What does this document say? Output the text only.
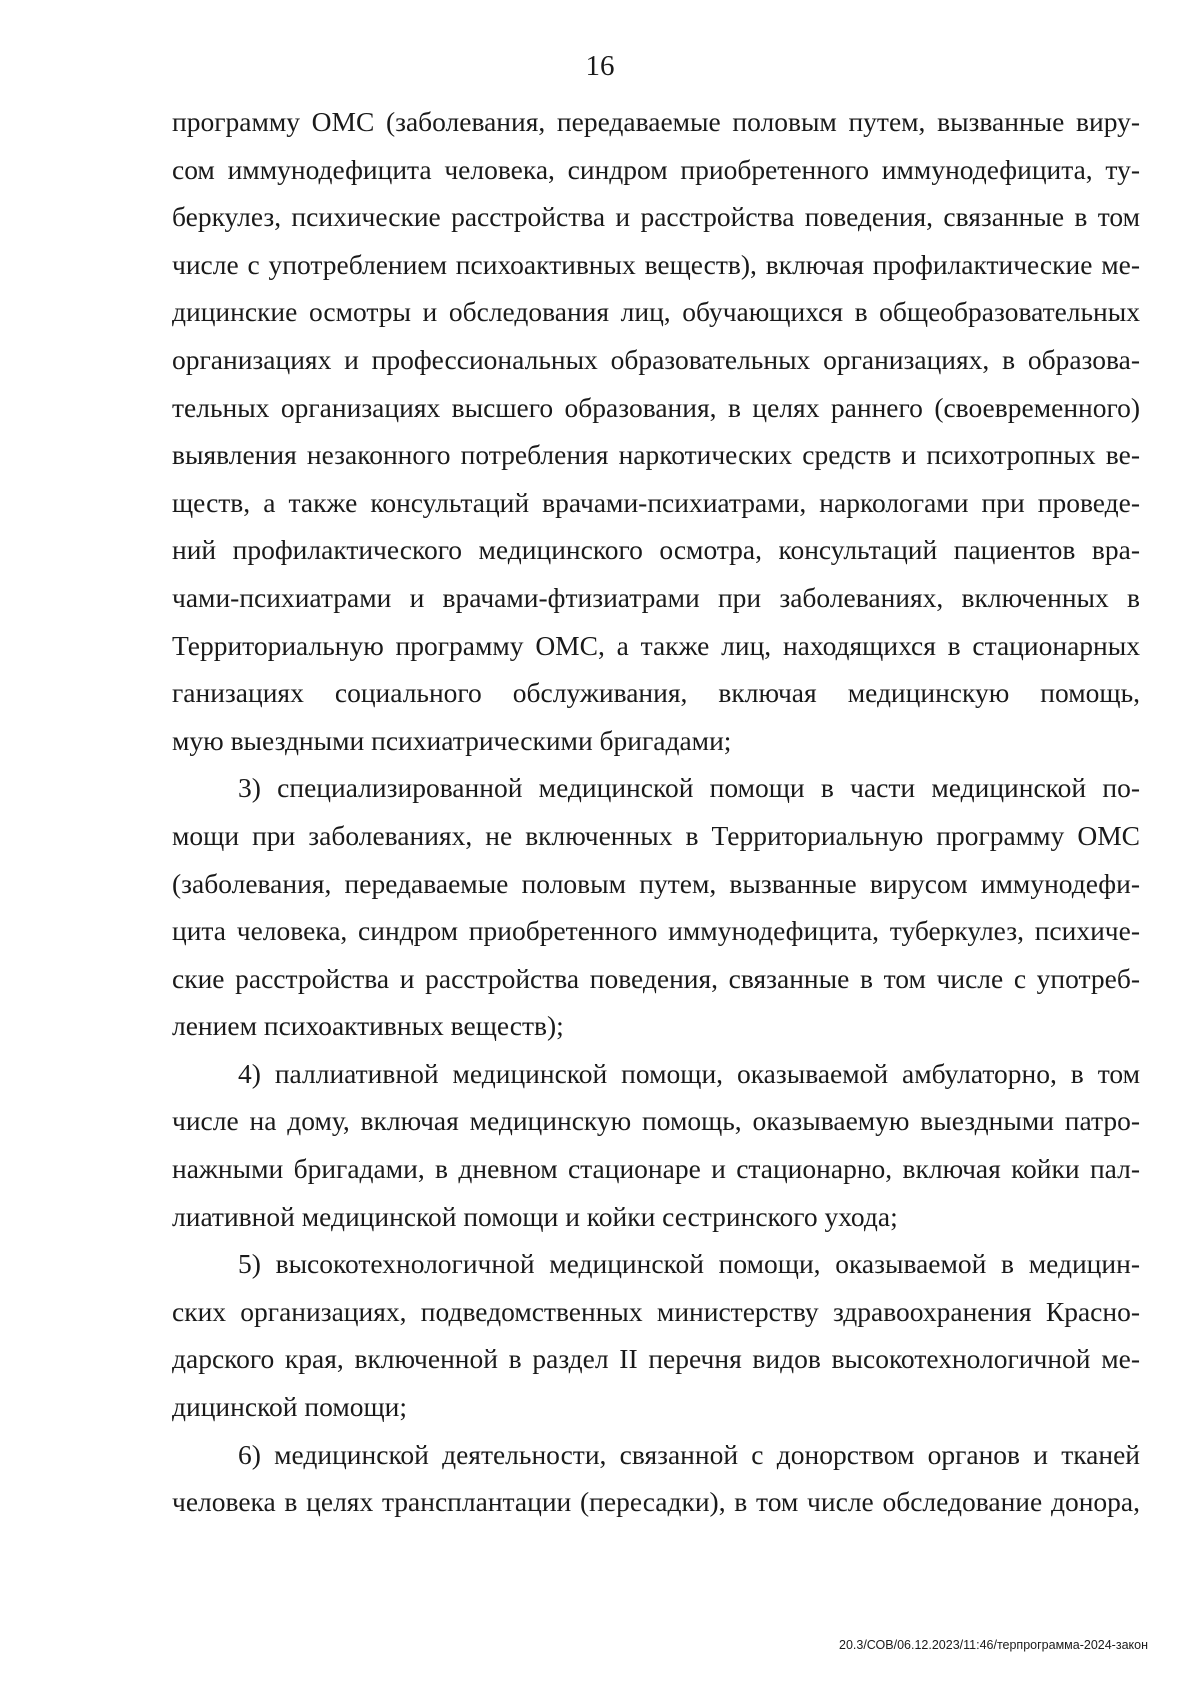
16
программу ОМС (заболевания, передаваемые половым путем, вызванные виру-
сом иммунодефицита человека, синдром приобретенного иммунодефицита, ту-
беркулез, психические расстройства и расстройства поведения, связанные в том
числе с употреблением психоактивных веществ), включая профилактические ме-
дицинские осмотры и обследования лиц, обучающихся в общеобразовательных
организациях и профессиональных образовательных организациях, в образова-
тельных организациях высшего образования, в целях раннего (своевременного)
выявления незаконного потребления наркотических средств и психотропных ве-
ществ, а также консультаций врачами-психиатрами, наркологами при проведе-
ний профилактического медицинского осмотра, консультаций пациентов вра-
чами-психиатрами и врачами-фтизиатрами при заболеваниях, включенных в
Территориальную программу ОМС, а также лиц, находящихся в стационарных
ганизациях социального обслуживания, включая медицинскую помощь,
мую выездными психиатрическими бригадами;
3) специализированной медицинской помощи в части медицинской по-
мощи при заболеваниях, не включенных в Территориальную программу ОМС
(заболевания, передаваемые половым путем, вызванные вирусом иммунодефи-
цита человека, синдром приобретенного иммунодефицита, туберкулез, психиче-
ские расстройства и расстройства поведения, связанные в том числе с употреб-
лением психоактивных веществ);
4) паллиативной медицинской помощи, оказываемой амбулаторно, в том
числе на дому, включая медицинскую помощь, оказываемую выездными патро-
нажными бригадами, в дневном стационаре и стационарно, включая койки пал-
лиативной медицинской помощи и койки сестринского ухода;
5) высокотехнологичной медицинской помощи, оказываемой в медицин-
ских организациях, подведомственных министерству здравоохранения Красно-
дарского края, включенной в раздел II перечня видов высокотехнологичной ме-
дицинской помощи;
6) медицинской деятельности, связанной с донорством органов и тканей
человека в целях трансплантации (пересадки), в том числе обследование донора,
20.3/СОВ/06.12.2023/11:46/терпрограмма-2024-закон
